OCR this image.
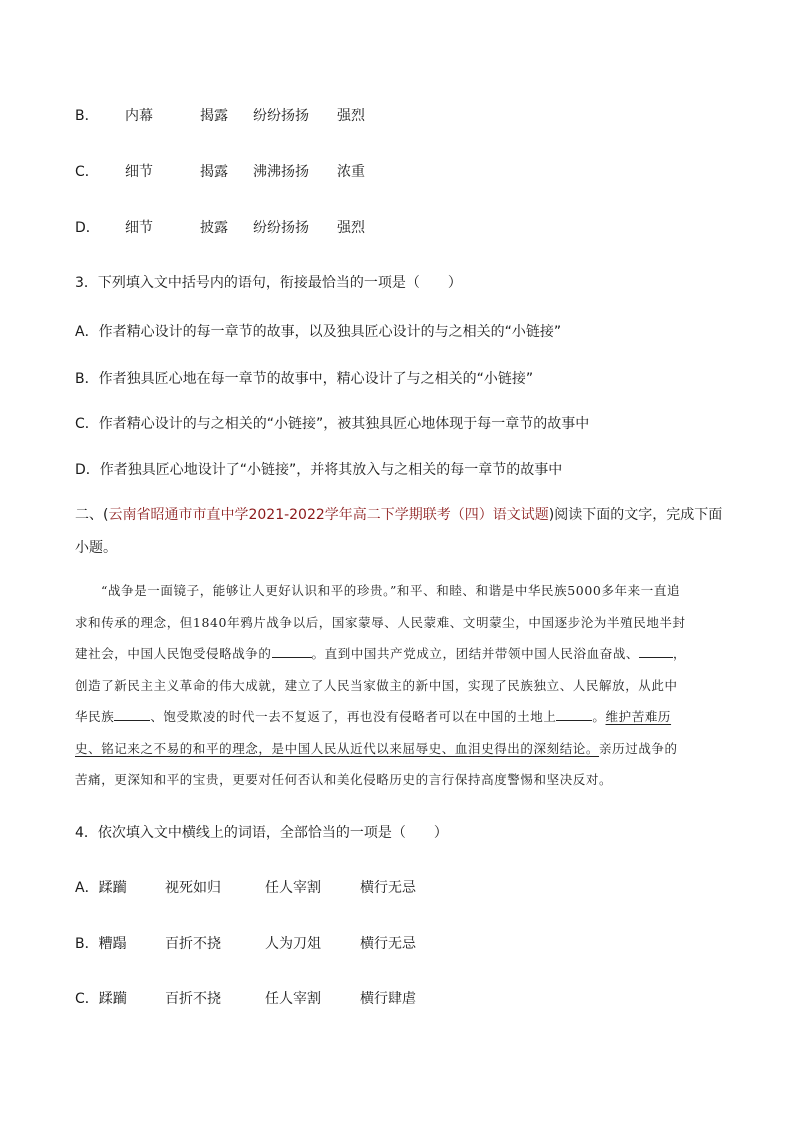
B． 内幕	揭露 纷纷扬扬 强烈
C． 细节	揭露 沸沸扬扬 浓重
D． 细节	披露 纷纷扬扬 强烈
3．下列填入文中括号内的语句，衔接最恰当的一项是（　　）
A．作者精心设计的每一章节的故事，以及独具匠心设计的与之相关的“小链接”
B．作者独具匠心地在每一章节的故事中，精心设计了与之相关的“小链接”
C．作者精心设计的与之相关的“小链接”，被其独具匠心地体现于每一章节的故事中
D．作者独具匠心地设计了“小链接”，并将其放入与之相关的每一章节的故事中
二、(云南省昭通市市直中学2021-2022学年高二下学期联考（四）语文试题)阅读下面的文字，完成下面
小题。

“战争是一面镜子，能够让人更好认识和平的珍贵。”和平、和睦、和谐是中华民族5000多年来一直追

求和传承的理念，但1840年鸦片战争以后，国家蒙辱、人民蒙难、文明蒙尘，中国逐步沦为半殖民地半封

建社会，中国人民饱受侵略战争的	。直到中国共产党成立，团结并带领中国人民浴血奋战、	，

创造了新民主主义革命的伟大成就，建立了人民当家做主的新中国，实现了民族独立、人民解放，从此中

华民族	、饱受欺凌的时代一去不复返了，再也没有侵略者可以在中国的土地上	。维护苦难历

史、铭记来之不易的和平的理念，是中国人民从近代以来屈辱史、血泪史得出的深刻结论。亲历过战争的

苦痛，更深知和平的宝贵，更要对任何否认和美化侵略历史的言行保持高度警惕和坚决反对。

4．依次填入文中横线上的词语，全部恰当的一项是（　　）
A．蹂躏	视死如归	任人宰割	横行无忌
B．糟蹋	百折不挠	人为刀俎	横行无忌
C．蹂躏	百折不挠	任人宰割	横行肆虐
